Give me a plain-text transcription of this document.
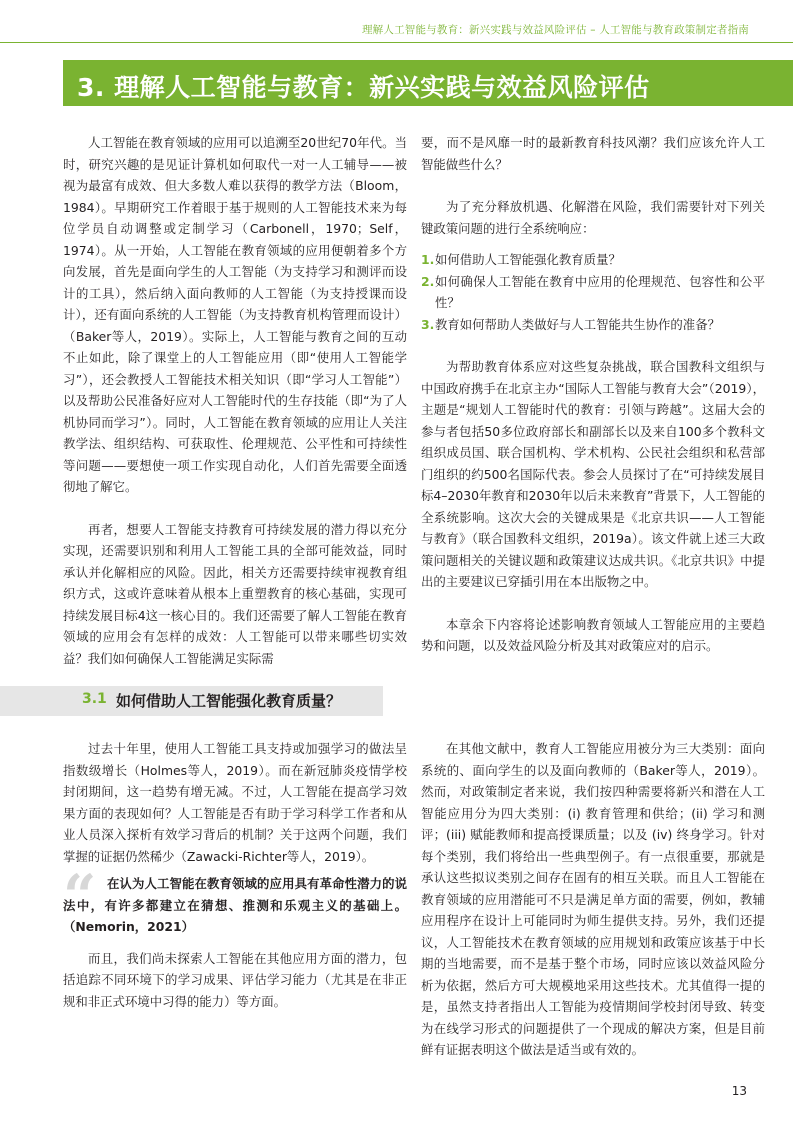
理解人工智能与教育：新兴实践与效益风险评估 – 人工智能与教育政策制定者指南
3. 理解人工智能与教育：新兴实践与效益风险评估

人工智能在教育领域的应用可以追溯至20世纪70年代。当时，研究兴趣的是见证计算机如何取代一对一人工辅导——被视为最富有成效、但大多数人难以获得的教学方法（Bloom，1984）。早期研究工作着眼于基于规则的人工智能技术来为每位学员自动调整或定制学习（Carbonell，1970；Self，1974）。从一开始，人工智能在教育领域的应用便朝着多个方向发展，首先是面向学生的人工智能（为支持学习和测评而设计的工具），然后纳入面向教师的人工智能（为支持授课而设计），还有面向系统的人工智能（为支持教育机构管理而设计）（Baker等人，2019）。实际上，人工智能与教育之间的互动不止如此，除了课堂上的人工智能应用（即“使用人工智能学习”），还会教授人工智能技术相关知识（即“学习人工智能”）以及帮助公民准备好应对人工智能时代的生存技能（即“为了人机协同而学习”）。同时，人工智能在教育领域的应用让人关注教学法、组织结构、可获取性、伦理规范、公平性和可持续性等问题——要想使一项工作实现自动化，人们首先需要全面透彻地了解它。

再者，想要人工智能支持教育可持续发展的潜力得以充分实现，还需要识别和利用人工智能工具的全部可能效益，同时承认并化解相应的风险。因此，相关方还需要持续审视教育组织方式，这或许意味着从根本上重塑教育的核心基础，实现可持续发展目标4这一核心目的。我们还需要了解人工智能在教育领域的应用会有怎样的成效：人工智能可以带来哪些切实效益？我们如何确保人工智能满足实际需

要，而不是风靡一时的最新教育科技风潮？我们应该允许人工智能做些什么？

为了充分释放机遇、化解潜在风险，我们需要针对下列关键政策问题的进行全系统响应：

1. 如何借助人工智能强化教育质量？
2. 如何确保人工智能在教育中应用的伦理规范、包容性和公平性？
3. 教育如何帮助人类做好与人工智能共生协作的准备？

为帮助教育体系应对这些复杂挑战，联合国教科文组织与中国政府携手在北京主办“国际人工智能与教育大会”（2019），主题是“规划人工智能时代的教育：引领与跨越”。这届大会的参与者包括50多位政府部长和副部长以及来自100多个教科文组织成员国、联合国机构、学术机构、公民社会组织和私营部门组织的约500名国际代表。参会人员探讨了在“可持续发展目标4–2030年教育和2030年以后未来教育”背景下，人工智能的全系统影响。这次大会的关键成果是《北京共识——人工智能与教育》（联合国教科文组织，2019a）。该文件就上述三大政策问题相关的关键议题和政策建议达成共识。《北京共识》中提出的主要建议已穿插引用在本出版物之中。

本章余下内容将论述影响教育领域人工智能应用的主要趋势和问题，以及效益风险分析及其对政策应对的启示。

3.1 如何借助人工智能强化教育质量？

过去十年里，使用人工智能工具支持或加强学习的做法呈指数级增长（Holmes等人，2019）。而在新冠肺炎疫情学校封闭期间，这一趋势有增无减。不过，人工智能在提高学习效果方面的表现如何？人工智能是否有助于学习科学工作者和从业人员深入探析有效学习背后的机制？关于这两个问题，我们掌握的证据仍然稀少（Zawacki-Richter等人，2019）。

“ 在认为人工智能在教育领域的应用具有革命性潜力的说法中，有许多都建立在猜想、推测和乐观主义的基础上。（Nemorin，2021）

而且，我们尚未探索人工智能在其他应用方面的潜力，包括追踪不同环境下的学习成果、评估学习能力（尤其是在非正规和非正式环境中习得的能力）等方面。

在其他文献中，教育人工智能应用被分为三大类别：面向系统的、面向学生的以及面向教师的（Baker等人，2019）。然而，对政策制定者来说，我们按四种需要将新兴和潜在人工智能应用分为四大类别：(i) 教育管理和供给；(ii) 学习和测评；(iii) 赋能教师和提高授课质量；以及 (iv) 终身学习。针对每个类别，我们将给出一些典型例子。有一点很重要，那就是承认这些拟议类别之间存在固有的相互关联。而且人工智能在教育领域的应用潜能可不只是满足单方面的需要，例如，教辅应用程序在设计上可能同时为师生提供支持。另外，我们还提议，人工智能技术在教育领域的应用规划和政策应该基于中长期的当地需要，而不是基于整个市场，同时应该以效益风险分析为依据，然后方可大规模地采用这些技术。尤其值得一提的是，虽然支持者指出人工智能为疫情期间学校封闭导致、转变为在线学习形式的问题提供了一个现成的解决方案，但是目前鲜有证据表明这个做法是适当或有效的。

13
